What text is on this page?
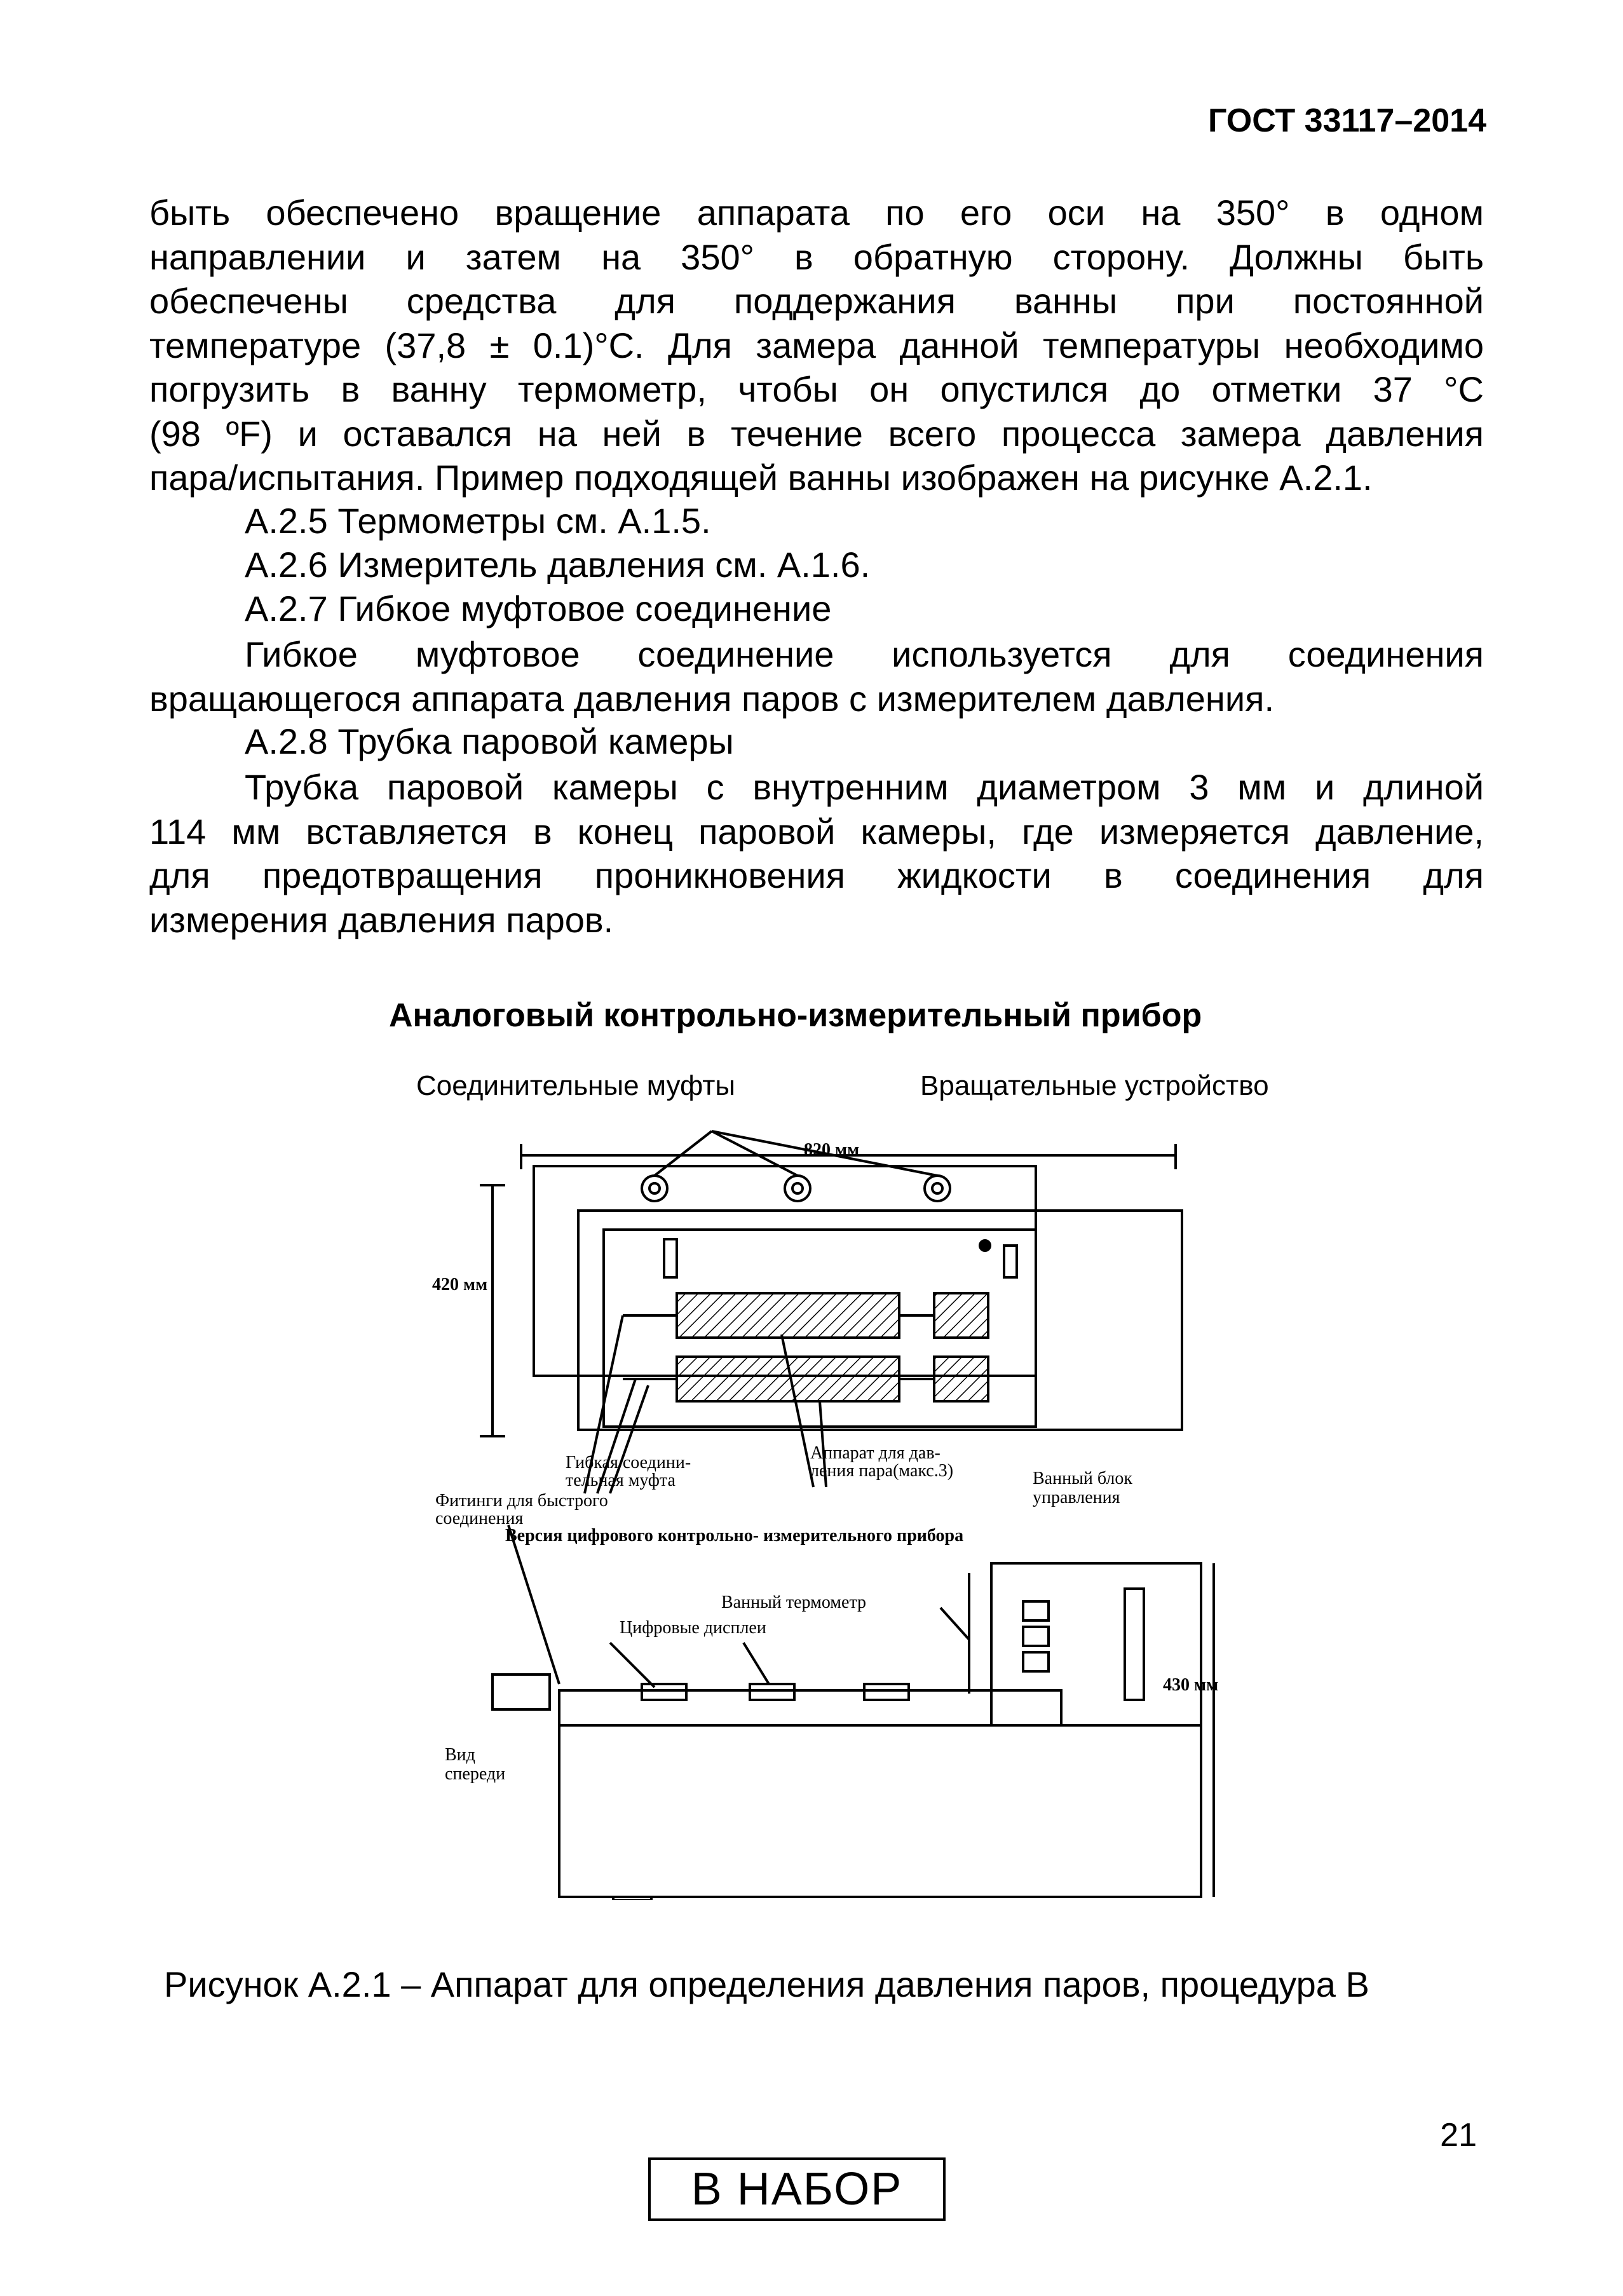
ГОСТ 33117–2014
быть обеспечено вращение аппарата по его оси на 350° в одном
направлении и затем на 350° в обратную сторону. Должны быть
обеспечены средства для поддержания ванны при постоянной
температуре (37,8 ± 0.1)°С. Для замера данной температуры необходимо
погрузить в ванну термометр, чтобы он опустился до отметки 37 °С
(98 ºF) и оставался на ней в течение всего процесса замера давления
пара/испытания. Пример подходящей ванны изображен на рисунке А.2.1.
А.2.5 Термометры см. А.1.5.
А.2.6 Измеритель давления см. А.1.6.
А.2.7 Гибкое муфтовое соединение
Гибкое муфтовое соединение используется для соединения
вращающегося аппарата давления паров с измерителем давления.
А.2.8 Трубка паровой камеры
Трубка паровой камеры с внутренним диаметром 3 мм и длиной
114 мм вставляется в конец паровой камеры, где измеряется давление,
для предотвращения проникновения жидкости в соединения для
измерения давления паров.
Аналоговый контрольно-измерительный прибор
Соединительные муфты	Вращательные устройство
820 мм
420 мм
430 мм
Гибкая соедини-
тельная муфта
Аппарат для дав-
ления пара(макс.3)	Ванный блок
управления
Фитинги для быстрого
соединения
Версия цифрового контрольно- измерительного прибора
Ванный термометр
Цифровые дисплеи
Вид
спереди
Рисунок А.2.1 – Аппарат для определения давления паров, процедура В
21
В НАБОР
